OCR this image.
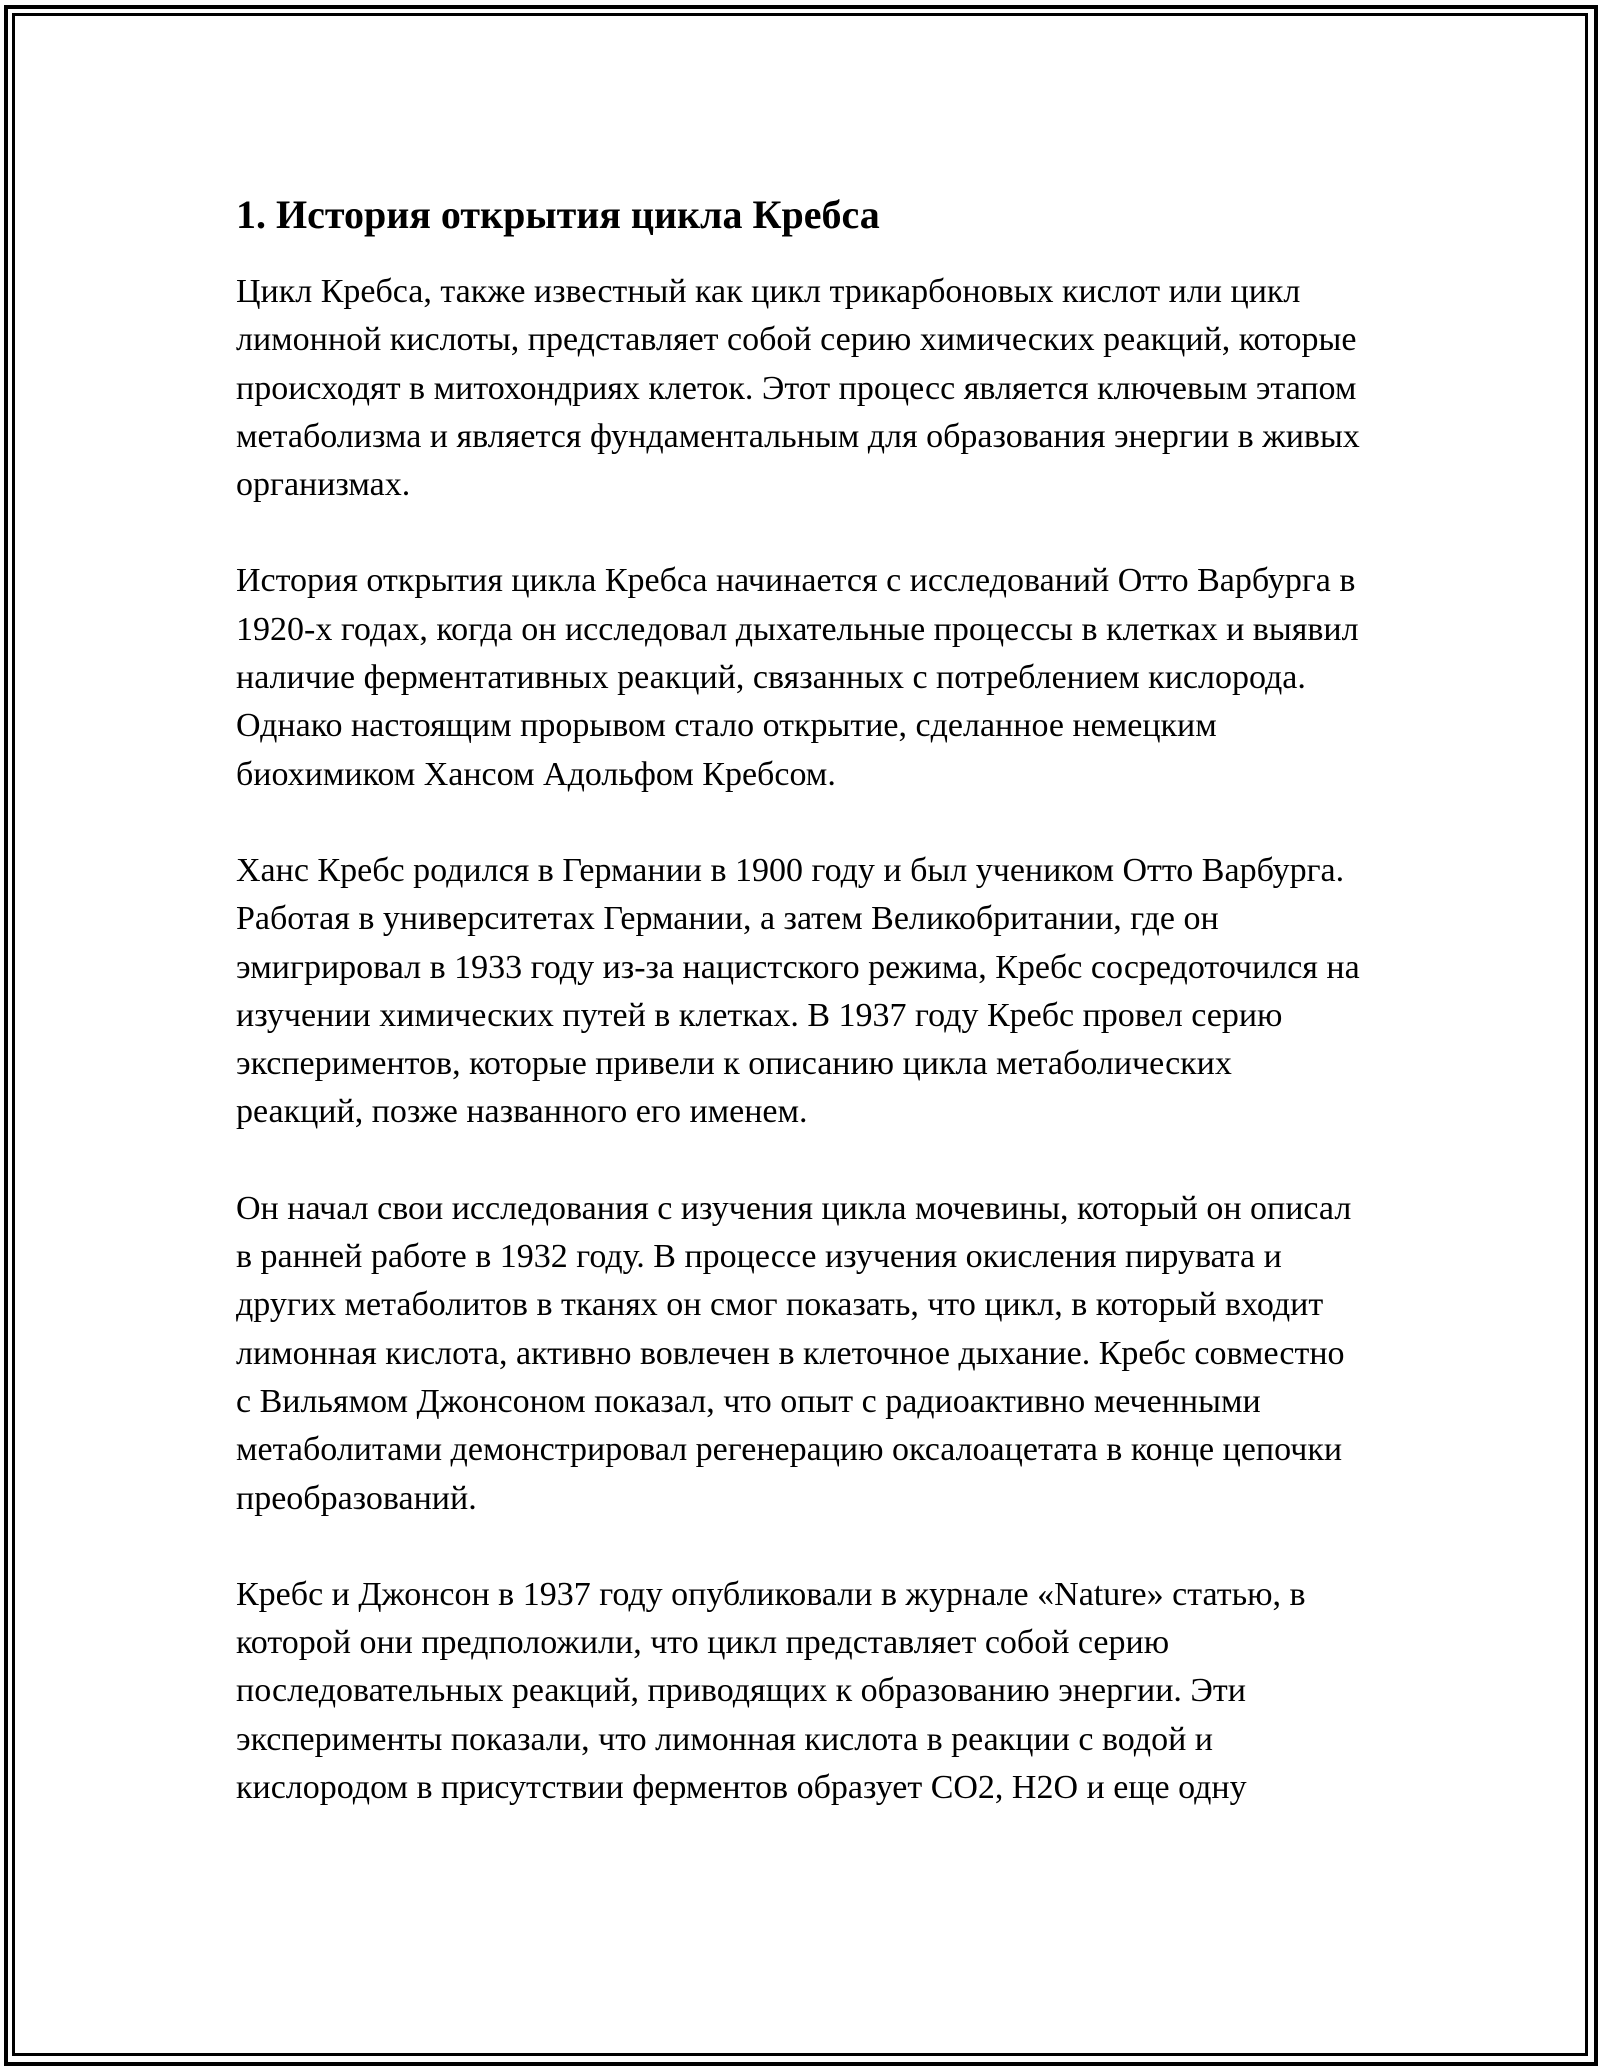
1. История открытия цикла Кребса

Цикл Кребса, также известный как цикл трикарбоновых кислот или цикл лимонной кислоты, представляет собой серию химических реакций, которые происходят в митохондриях клеток. Этот процесс является ключевым этапом метаболизма и является фундаментальным для образования энергии в живых организмах.

История открытия цикла Кребса начинается с исследований Отто Варбурга в 1920-х годах, когда он исследовал дыхательные процессы в клетках и выявил наличие ферментативных реакций, связанных с потреблением кислорода. Однако настоящим прорывом стало открытие, сделанное немецким биохимиком Хансом Адольфом Кребсом.

Ханс Кребс родился в Германии в 1900 году и был учеником Отто Варбурга. Работая в университетах Германии, а затем Великобритании, где он эмигрировал в 1933 году из-за нацистского режима, Кребс сосредоточился на изучении химических путей в клетках. В 1937 году Кребс провел серию экспериментов, которые привели к описанию цикла метаболических реакций, позже названного его именем.

Он начал свои исследования с изучения цикла мочевины, который он описал в ранней работе в 1932 году. В процессе изучения окисления пирувата и других метаболитов в тканях он смог показать, что цикл, в который входит лимонная кислота, активно вовлечен в клеточное дыхание. Кребс совместно с Вильямом Джонсоном показал, что опыт с радиоактивно меченными метаболитами демонстрировал регенерацию оксалоацетата в конце цепочки преобразований.

Кребс и Джонсон в 1937 году опубликовали в журнале «Nature» статью, в которой они предположили, что цикл представляет собой серию последовательных реакций, приводящих к образованию энергии. Эти эксперименты показали, что лимонная кислота в реакции с водой и кислородом в присутствии ферментов образует CO2, H2O и еще одну
